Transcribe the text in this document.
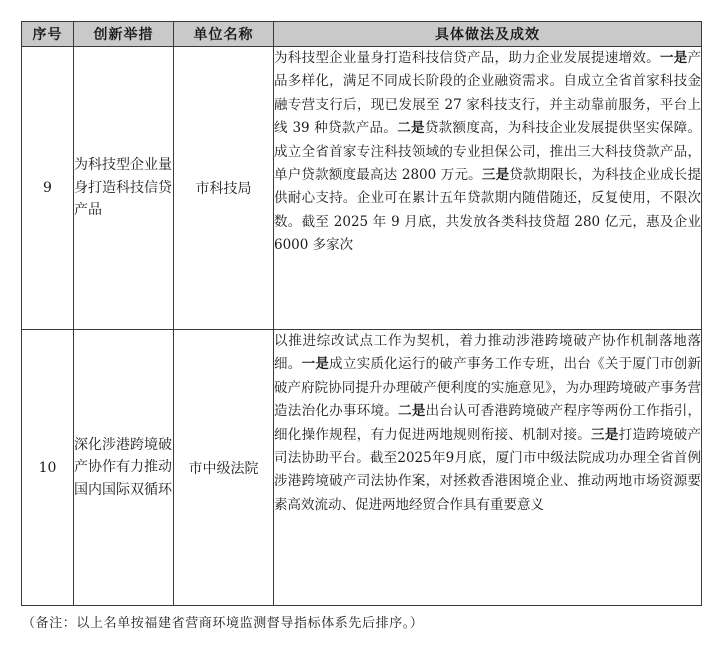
序号	创新举措	单位名称	具体做法及成效
9	为科技型企业量身打造科技信贷产品	市科技局	为科技型企业量身打造科技信贷产品，助力企业发展提速增效。一是产品多样化，满足不同成长阶段的企业融资需求。自成立全省首家科技金融专营支行后，现已发展至 27 家科技支行，并主动靠前服务，平台上线 39 种贷款产品。二是贷款额度高，为科技企业发展提供坚实保障。成立全省首家专注科技领域的专业担保公司，推出三大科技贷款产品，单户贷款额度最高达 2800 万元。三是贷款期限长，为科技企业成长提供耐心支持。企业可在累计五年贷款期内随借随还，反复使用，不限次数。截至 2025 年 9 月底，共发放各类科技贷超 280 亿元，惠及企业 6000 多家次
10	深化涉港跨境破产协作有力推动国内国际双循环	市中级法院	以推进综改试点工作为契机，着力推动涉港跨境破产协作机制落地落细。一是成立实质化运行的破产事务工作专班，出台《关于厦门市创新破产府院协同提升办理破产便利度的实施意见》，为办理跨境破产事务营造法治化办事环境。二是出台认可香港跨境破产程序等两份工作指引，细化操作规程，有力促进两地规则衔接、机制对接。三是打造跨境破产司法协助平台。截至2025年9月底，厦门市中级法院成功办理全省首例涉港跨境破产司法协作案，对拯救香港困境企业、推动两地市场资源要素高效流动、促进两地经贸合作具有重要意义
（备注：以上名单按福建省营商环境监测督导指标体系先后排序。）
